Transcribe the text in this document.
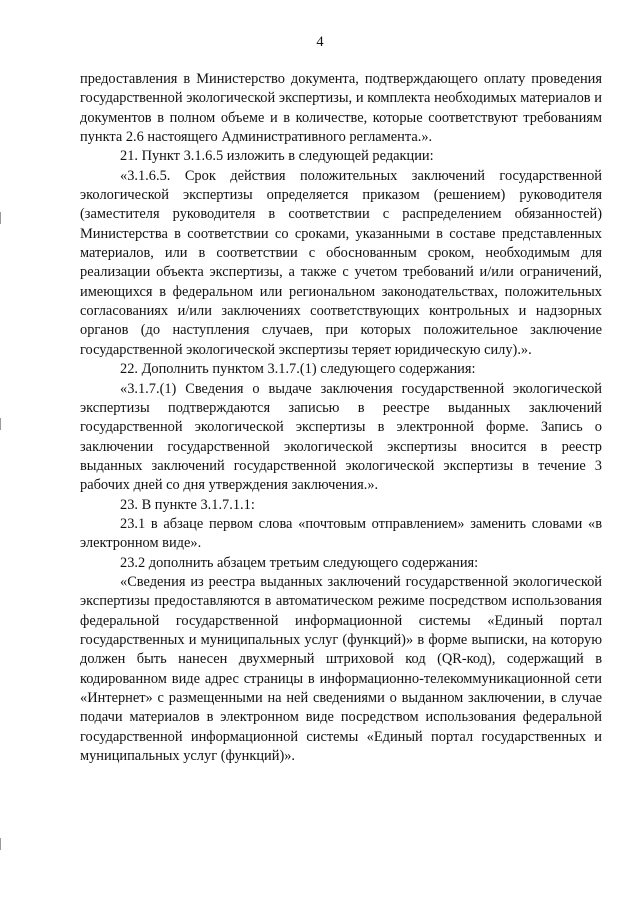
4

предоставления в Министерство документа, подтверждающего оплату проведения государственной экологической экспертизы, и комплекта необходимых материалов и документов в полном объеме и в количестве, которые соответствуют требованиям пункта 2.6 настоящего Административного регламента.».

21. Пункт 3.1.6.5 изложить в следующей редакции:

«3.1.6.5. Срок действия положительных заключений государственной экологической экспертизы определяется приказом (решением) руководителя (заместителя руководителя в соответствии с распределением обязанностей) Министерства в соответствии со сроками, указанными в составе представленных материалов, или в соответствии с обоснованным сроком, необходимым для реализации объекта экспертизы, а также с учетом требований и/или ограничений, имеющихся в федеральном или региональном законодательствах, положительных согласованиях и/или заключениях соответствующих контрольных и надзорных органов (до наступления случаев, при которых положительное заключение государственной экологической экспертизы теряет юридическую силу).».

22. Дополнить пунктом 3.1.7.(1) следующего содержания:

«3.1.7.(1) Сведения о выдаче заключения государственной экологической экспертизы подтверждаются записью в реестре выданных заключений государственной экологической экспертизы в электронной форме. Запись о заключении государственной экологической экспертизы вносится в реестр выданных заключений государственной экологической экспертизы в течение 3 рабочих дней со дня утверждения заключения.».

23. В пункте 3.1.7.1.1:

23.1 в абзаце первом слова «почтовым отправлением» заменить словами «в электронном виде».

23.2 дополнить абзацем третьим следующего содержания:

«Сведения из реестра выданных заключений государственной экологической экспертизы предоставляются в автоматическом режиме посредством использования федеральной государственной информационной системы «Единый портал государственных и муниципальных услуг (функций)» в форме выписки, на которую должен быть нанесен двухмерный штриховой код (QR-код), содержащий в кодированном виде адрес страницы в информационно-телекоммуникационной сети «Интернет» с размещенными на ней сведениями о выданном заключении, в случае подачи материалов в электронном виде посредством использования федеральной государственной информационной системы «Единый портал государственных и муниципальных услуг (функций)».
